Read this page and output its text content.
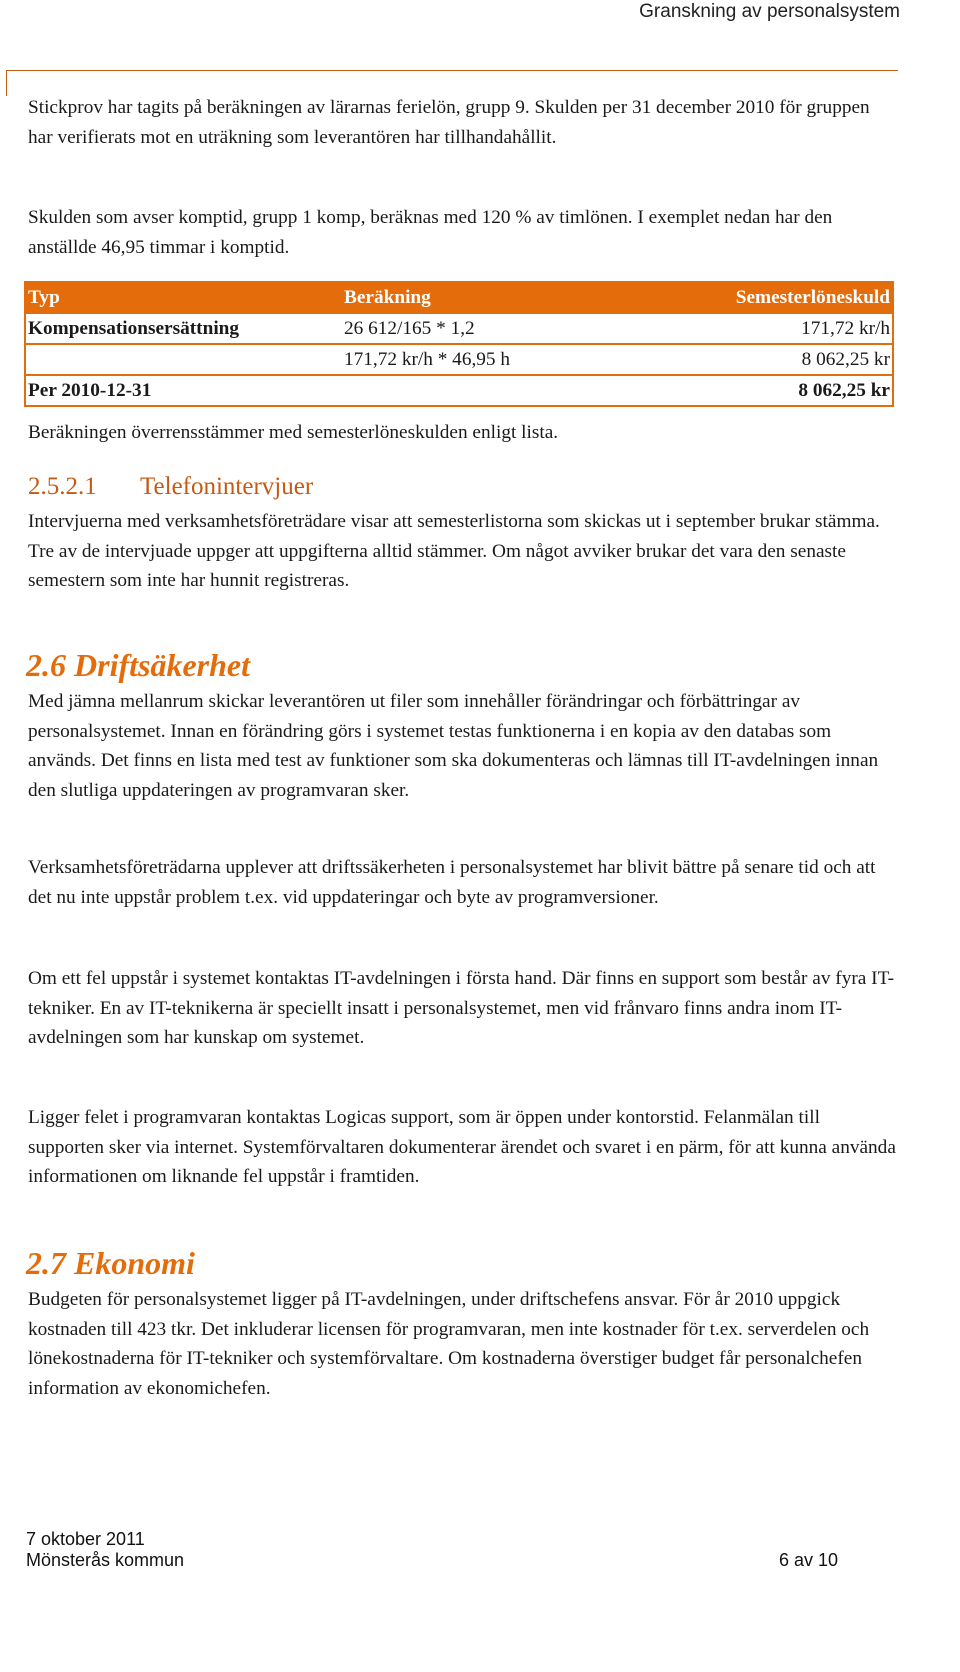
Granskning av personalsystem

Stickprov har tagits på beräkningen av lärarnas ferielön, grupp 9. Skulden per 31 december 2010 för gruppen har verifierats mot en uträkning som leverantören har tillhandahållit.

Skulden som avser komptid, grupp 1 komp, beräknas med 120 % av timlönen. I exemplet nedan har den anställde 46,95 timmar i komptid.

Typ	Beräkning	Semesterlöneskuld
Kompensationsersättning	26 612/165 * 1,2	171,72 kr/h
	171,72 kr/h * 46,95 h	8 062,25 kr
Per 2010-12-31		8 062,25 kr

Beräkningen överrensstämmer med semesterlöneskulden enligt lista.

2.5.2.1 Telefonintervjuer

Intervjuerna med verksamhetsföreträdare visar att semesterlistorna som skickas ut i september brukar stämma. Tre av de intervjuade uppger att uppgifterna alltid stämmer. Om något avviker brukar det vara den senaste semestern som inte har hunnit registreras.

2.6 Driftsäkerhet

Med jämna mellanrum skickar leverantören ut filer som innehåller förändringar och förbättringar av personalsystemet. Innan en förändring görs i systemet testas funktionerna i en kopia av den databas som används. Det finns en lista med test av funktioner som ska dokumenteras och lämnas till IT-avdelningen innan den slutliga uppdateringen av programvaran sker.

Verksamhetsföreträdarna upplever att driftssäkerheten i personalsystemet har blivit bättre på senare tid och att det nu inte uppstår problem t.ex. vid uppdateringar och byte av programversioner.

Om ett fel uppstår i systemet kontaktas IT-avdelningen i första hand. Där finns en support som består av fyra IT-tekniker. En av IT-teknikerna är speciellt insatt i personalsystemet, men vid frånvaro finns andra inom IT-avdelningen som har kunskap om systemet.

Ligger felet i programvaran kontaktas Logicas support, som är öppen under kontorstid. Felanmälan till supporten sker via internet. Systemförvaltaren dokumenterar ärendet och svaret i en pärm, för att kunna använda informationen om liknande fel uppstår i framtiden.

2.7 Ekonomi

Budgeten för personalsystemet ligger på IT-avdelningen, under driftschefens ansvar. För år 2010 uppgick kostnaden till 423 tkr. Det inkluderar licensen för programvaran, men inte kostnader för t.ex. serverdelen och lönekostnaderna för IT-tekniker och systemförvaltare. Om kostnaderna överstiger budget får personalchefen information av ekonomichefen.

7 oktober 2011
Mönsterås kommun	6 av 10
